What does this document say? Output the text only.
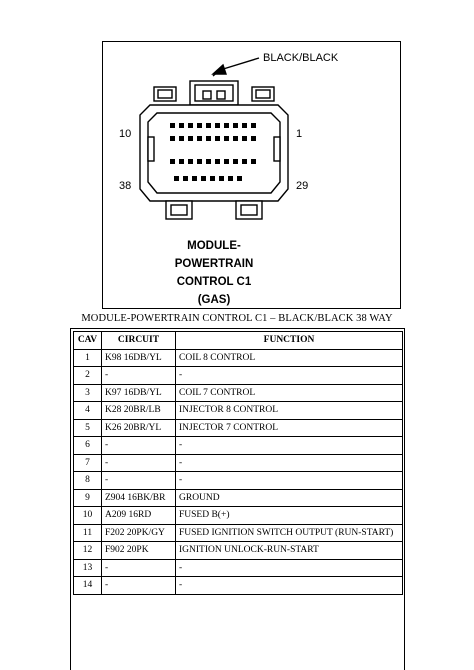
BLACK/BLACK
10	1
38	29
MODULE-
POWERTRAIN
CONTROL C1
(GAS)
MODULE-POWERTRAIN CONTROL C1 – BLACK/BLACK 38 WAY
CAV	CIRCUIT	FUNCTION
1	K98 16DB/YL	COIL 8 CONTROL
2	-	-
3	K97 16DB/YL	COIL 7 CONTROL
4	K28 20BR/LB	INJECTOR 8 CONTROL
5	K26 20BR/YL	INJECTOR 7 CONTROL
6	-	-
7	-	-
8	-	-
9	Z904 16BK/BR	GROUND
10	A209 16RD	FUSED B(+)
11	F202 20PK/GY	FUSED IGNITION SWITCH OUTPUT (RUN-START)
12	F902 20PK	IGNITION UNLOCK-RUN-START
13	-	-
14	-	-
